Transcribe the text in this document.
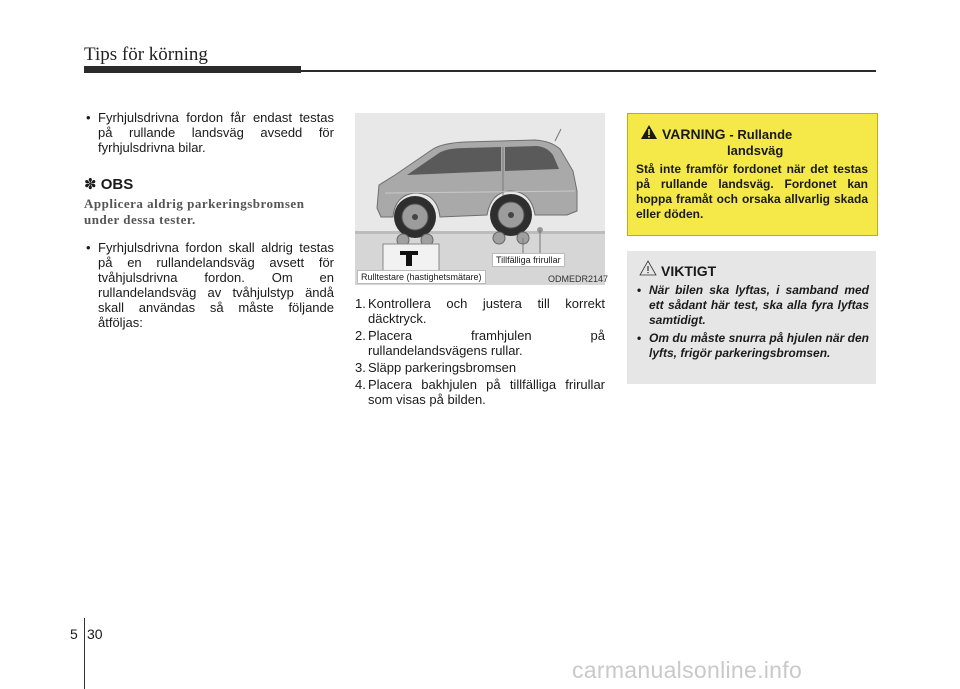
Tips för körning
• Fyrhjulsdrivna fordon får endast testas på rullande landsväg avsedd för fyrhjulsdrivna bilar.
✽ OBS
Applicera aldrig parkeringsbromsen under dessa tester.
• Fyrhjulsdrivna fordon skall aldrig testas på en rullandelandsväg avsett för tvåhjulsdrivna fordon. Om en rullandelandsväg av tvåhjulstyp ändå skall användas så måste följande åtföljas:
Tillfälliga frirullar
Rulltestare (hastighetsmätare)	ODMEDR2147
1. Kontrollera och justera till korrekt däcktryck.
2. Placera framhjulen på rullandelandsvägens rullar.
3. Släpp parkeringsbromsen
4. Placera bakhjulen på tillfälliga frirullar som visas på bilden.
VARNING - Rullande
landsväg
Stå inte framför fordonet när det testas på rullande landsväg. Fordonet kan hoppa framåt och orsaka allvarlig skada eller döden.
VIKTIGT
• När bilen ska lyftas, i samband med ett sådant här test, ska alla fyra lyftas samtidigt.
• Om du måste snurra på hjulen när den lyfts, frigör parkeringsbromsen.
5 30
carmanualsonline.info
